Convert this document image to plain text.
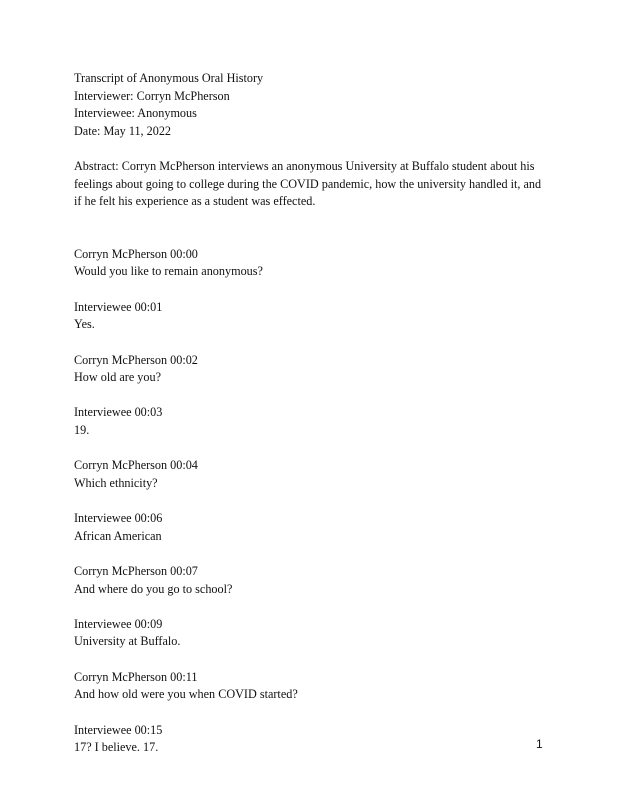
Transcript of Anonymous Oral History
Interviewer: Corryn McPherson
Interviewee: Anonymous
Date: May 11, 2022
Abstract: Corryn McPherson interviews an anonymous University at Buffalo student about his
feelings about going to college during the COVID pandemic, how the university handled it, and
if he felt his experience as a student was effected.
Corryn McPherson 00:00
Would you like to remain anonymous?
Interviewee 00:01
Yes.
Corryn McPherson 00:02
How old are you?
Interviewee 00:03
19.
Corryn McPherson 00:04
Which ethnicity?
Interviewee 00:06
African American
Corryn McPherson 00:07
And where do you go to school?
Interviewee 00:09
University at Buffalo.
Corryn McPherson 00:11
And how old were you when COVID started?
Interviewee 00:15
17? I believe. 17.	1
